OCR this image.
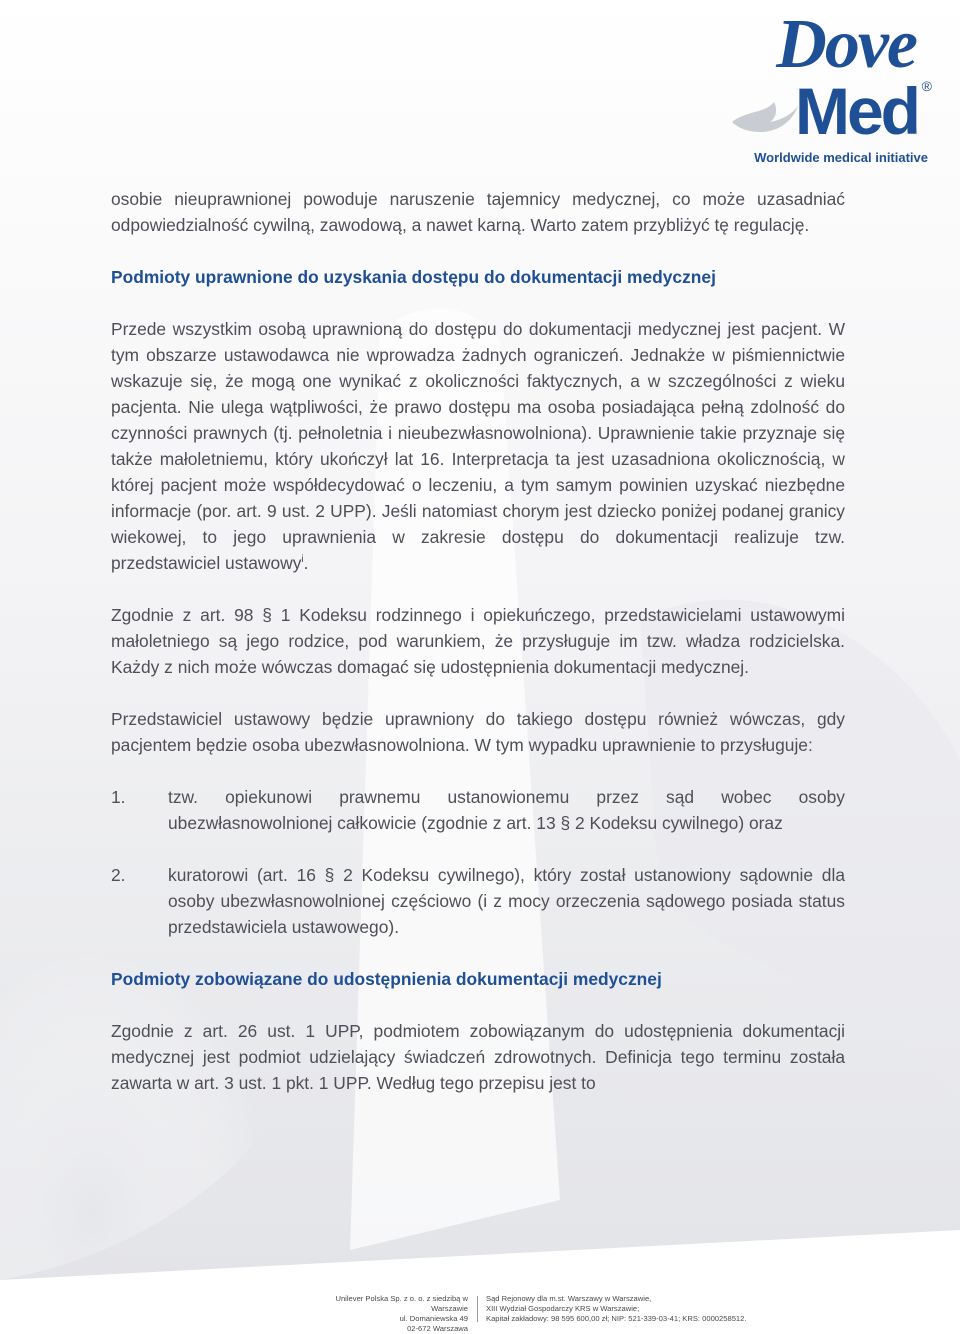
Dove
Med ®
Worldwide medical initiative

osobie nieuprawnionej powoduje naruszenie tajemnicy medycznej, co może uzasadniać odpowiedzialność cywilną, zawodową, a nawet karną. Warto zatem przybliżyć tę regulację.

Podmioty uprawnione do uzyskania dostępu do dokumentacji medycznej

Przede wszystkim osobą uprawnioną do dostępu do dokumentacji medycznej jest pacjent. W tym obszarze ustawodawca nie wprowadza żadnych ograniczeń. Jednakże w piśmiennictwie wskazuje się, że mogą one wynikać z okoliczności faktycznych, a w szczególności z wieku pacjenta. Nie ulega wątpliwości, że prawo dostępu ma osoba posiadająca pełną zdolność do czynności prawnych (tj. pełnoletnia i nieubezwłasnowolniona). Uprawnienie takie przyznaje się także małoletniemu, który ukończył lat 16. Interpretacja ta jest uzasadniona okolicznością, w której pacjent może współdecydować o leczeniu, a tym samym powinien uzyskać niezbędne informacje (por. art. 9 ust. 2 UPP). Jeśli natomiast chorym jest dziecko poniżej podanej granicy wiekowej, to jego uprawnienia w zakresie dostępu do dokumentacji realizuje tzw. przedstawiciel ustawowy$^i$.

Zgodnie z art. 98 § 1 Kodeksu rodzinnego i opiekuńczego, przedstawicielami ustawowymi małoletniego są jego rodzice, pod warunkiem, że przysługuje im tzw. władza rodzicielska. Każdy z nich może wówczas domagać się udostępnienia dokumentacji medycznej.

Przedstawiciel ustawowy będzie uprawniony do takiego dostępu również wówczas, gdy pacjentem będzie osoba ubezwłasnowolniona. W tym wypadku uprawnienie to przysługuje:

1.	tzw. opiekunowi prawnemu ustanowionemu przez sąd wobec osoby ubezwłasnowolnionej całkowicie (zgodnie z art. 13 § 2 Kodeksu cywilnego) oraz

2.	kuratorowi (art. 16 § 2 Kodeksu cywilnego), który został ustanowiony sądownie dla osoby ubezwłasnowolnionej częściowo (i z mocy orzeczenia sądowego posiada status przedstawiciela ustawowego).

Podmioty zobowiązane do udostępnienia dokumentacji medycznej

Zgodnie z art. 26 ust. 1 UPP, podmiotem zobowiązanym do udostępnienia dokumentacji medycznej jest podmiot udzielający świadczeń zdrowotnych. Definicja tego terminu została zawarta w art. 3 ust. 1 pkt. 1 UPP. Według tego przepisu jest to

Unilever Polska Sp. z o. o. z siedzibą w Warszawie
ul. Domaniewska 49
02-672 Warszawa
Sąd Rejonowy dla m.st. Warszawy w Warszawie,
XIII Wydział Gospodarczy KRS w Warszawie;
Kapitał zakładowy: 98 595 600,00 zł; NIP: 521-339-03-41; KRS: 0000258512.
